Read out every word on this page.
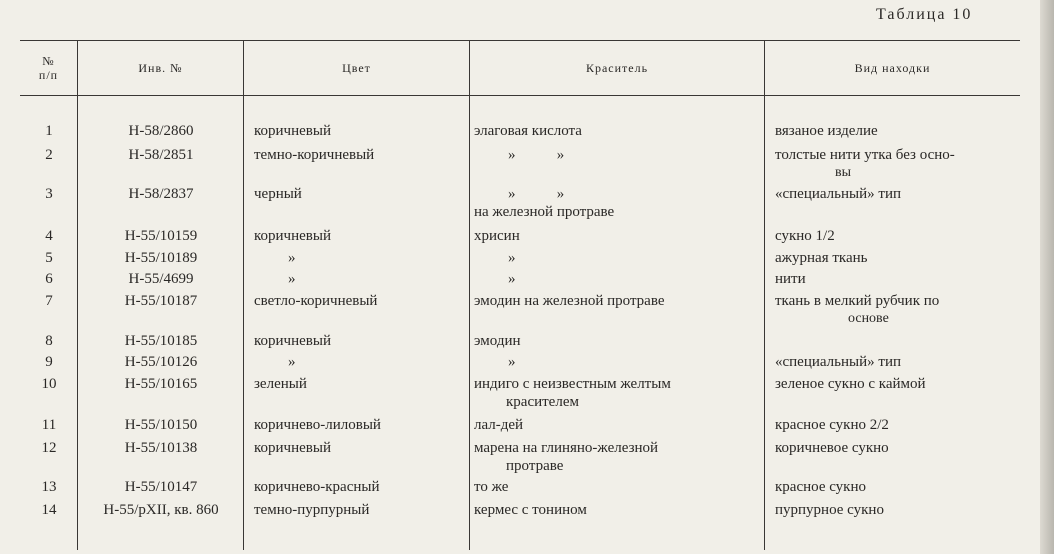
Таблица 10
№
п/п	Инв. №	Цвет	Краситель	Вид находки
1	Н-58/2860	коричневый	элаговая кислота	вязаное изделие
2	Н-58/2851	темно-коричневый	»           »	толстые нити утка без осно-
вы
3	Н-58/2837	черный	»           »	«специальный» тип
на железной протраве
4	Н-55/10159	коричневый	хрисин	сукно 1/2
5	Н-55/10189	»	»	ажурная ткань
6	Н-55/4699	»	»	нити
7	Н-55/10187	светло-коричневый	эмодин на железной протраве	ткань в мелкий рубчик по
основе
8	Н-55/10185	коричневый	эмодин
9	Н-55/10126	»	»	«специальный» тип
10	Н-55/10165	зеленый	индиго с неизвестным желтым	зеленое сукно с каймой
красителем
11	Н-55/10150	коричнево-лиловый	лал-дей	красное сукно 2/2
12	Н-55/10138	коричневый	марена на глиняно-железной	коричневое сукно
протраве
13	Н-55/10147	коричнево-красный	то же	красное сукно
14	Н-55/рXII, кв. 860	темно-пурпурный	кермес с тонином	пурпурное сукно
